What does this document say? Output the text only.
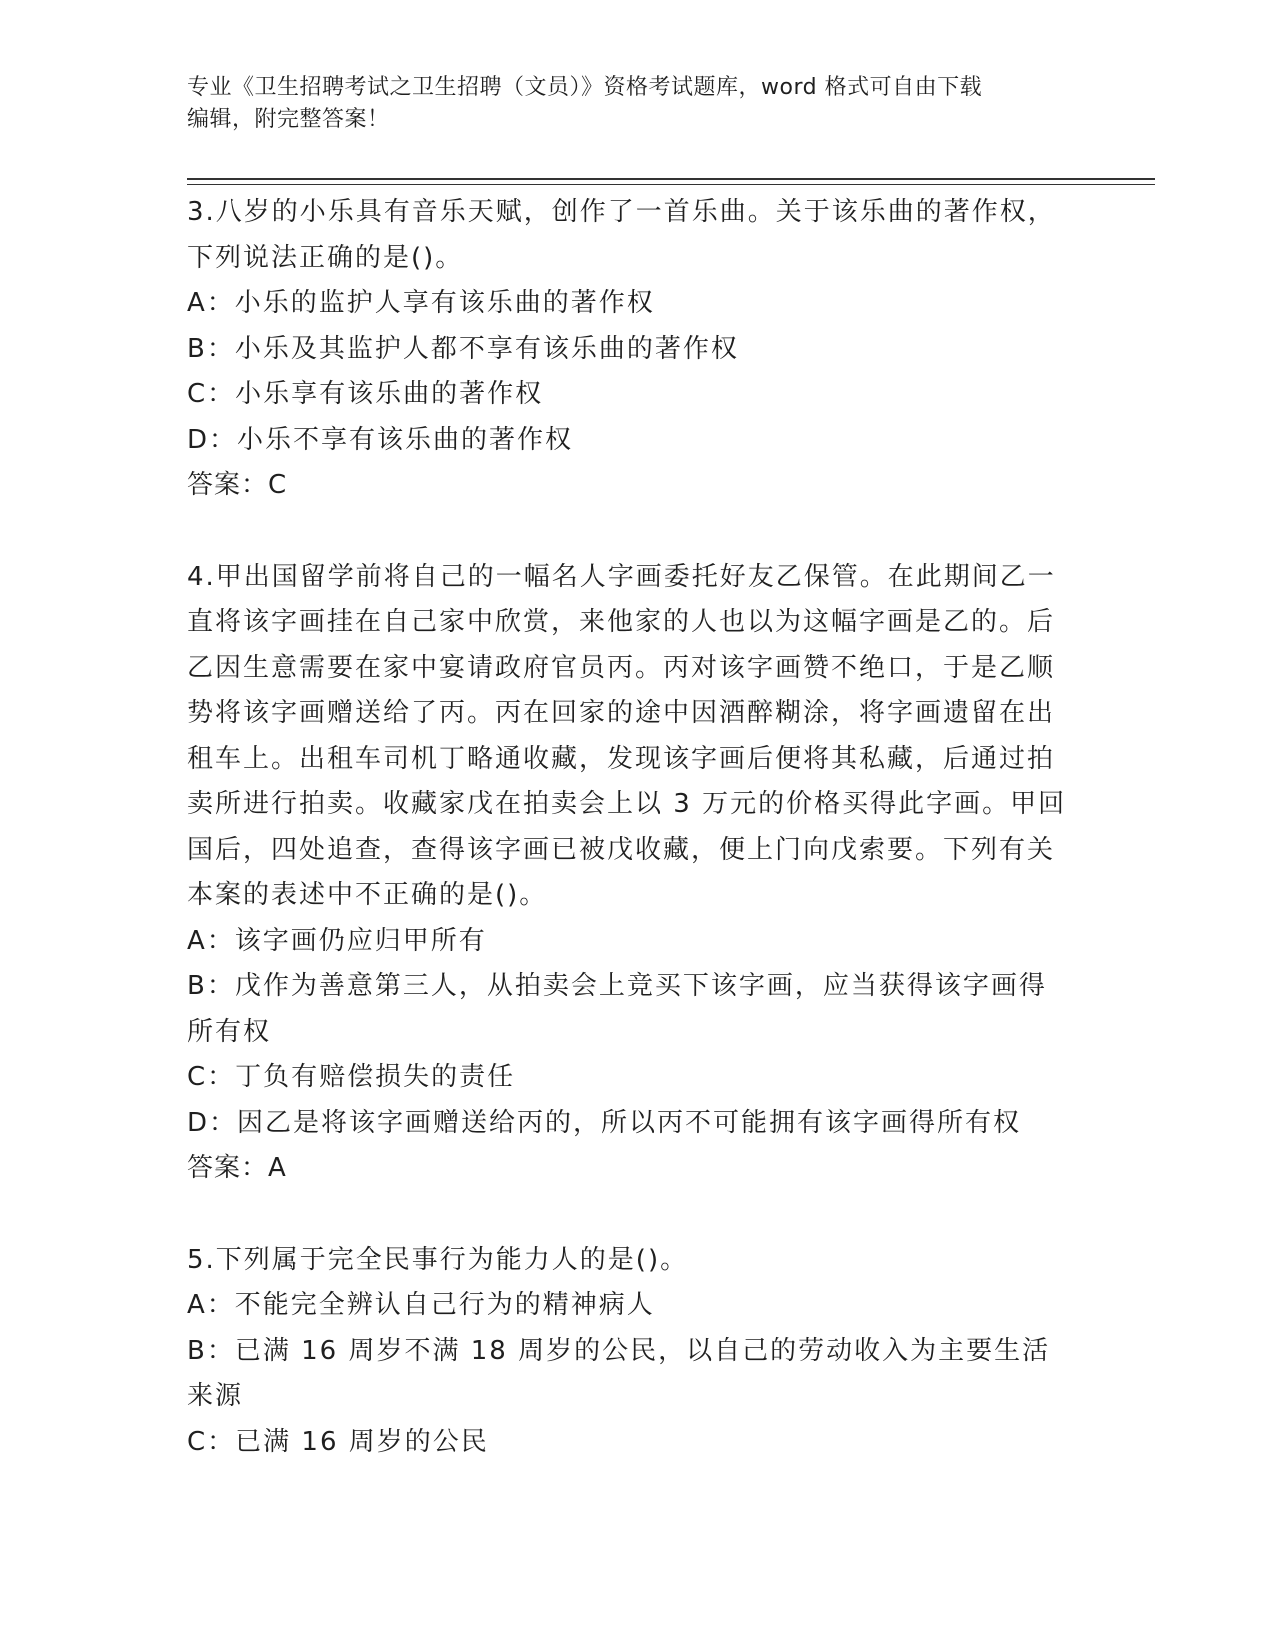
专业《卫生招聘考试之卫生招聘（文员）》资格考试题库，word 格式可自由下载
编辑，附完整答案！

3.八岁的小乐具有音乐天赋，创作了一首乐曲。关于该乐曲的著作权，下列说法正确的是()。

A：小乐的监护人享有该乐曲的著作权

B：小乐及其监护人都不享有该乐曲的著作权

C：小乐享有该乐曲的著作权

D：小乐不享有该乐曲的著作权

答案：C

4.甲出国留学前将自己的一幅名人字画委托好友乙保管。在此期间乙一直将该字画挂在自己家中欣赏，来他家的人也以为这幅字画是乙的。后乙因生意需要在家中宴请政府官员丙。丙对该字画赞不绝口，于是乙顺势将该字画赠送给了丙。丙在回家的途中因酒醉糊涂，将字画遗留在出租车上。出租车司机丁略通收藏，发现该字画后便将其私藏，后通过拍卖所进行拍卖。收藏家戊在拍卖会上以 3 万元的价格买得此字画。甲回国后，四处追查，查得该字画已被戊收藏，便上门向戊索要。下列有关本案的表述中不正确的是()。

A：该字画仍应归甲所有

B：戊作为善意第三人，从拍卖会上竞买下该字画，应当获得该字画得所有权

C：丁负有赔偿损失的责任

D：因乙是将该字画赠送给丙的，所以丙不可能拥有该字画得所有权

答案：A

5.下列属于完全民事行为能力人的是()。

A：不能完全辨认自己行为的精神病人

B：已满 16 周岁不满 18 周岁的公民，以自己的劳动收入为主要生活来源

C：已满 16 周岁的公民
